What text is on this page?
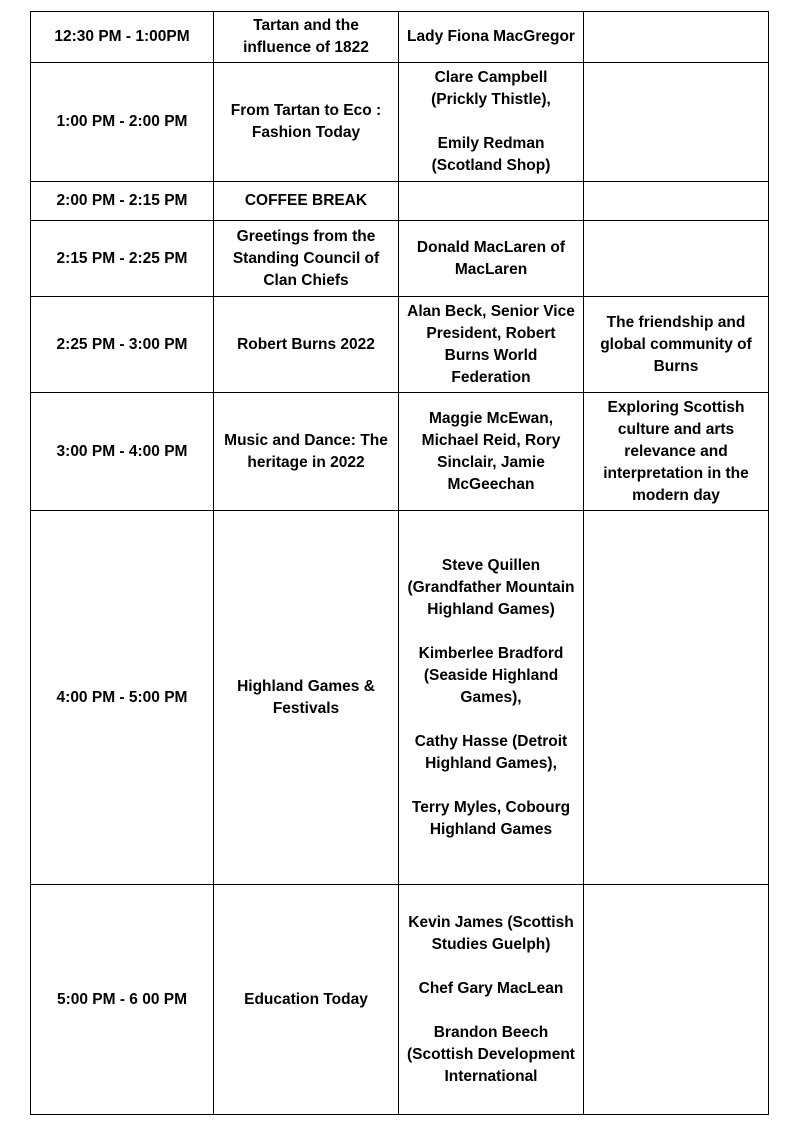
12:30 PM - 1:00PM	Tartan and the influence of 1822	Lady Fiona MacGregor	

1:00 PM - 2:00 PM	From Tartan to Eco : Fashion Today	Clare Campbell (Prickly Thistle),
Emily Redman (Scotland Shop)	

2:00 PM - 2:15 PM	COFFEE BREAK		
2:15 PM - 2:25 PM	Greetings from the Standing Council of Clan Chiefs	Donald MacLaren of MacLaren	

2:25 PM - 3:00 PM	Robert Burns 2022	Alan Beck, Senior Vice President, Robert Burns World Federation	The friendship and global community of Burns
3:00 PM - 4:00 PM	Music and Dance: The heritage in 2022	Maggie McEwan, Michael Reid, Rory Sinclair, Jamie McGeechan	Exploring Scottish culture and arts relevance and interpretation in the modern day
4:00 PM - 5:00 PM	Highland Games & Festivals	Steve Quillen (Grandfather Mountain Highland Games)
Kimberlee Bradford (Seaside Highland Games),
Cathy Hasse (Detroit Highland Games),
Terry Myles, Cobourg Highland Games	

5:00 PM - 6 00 PM	Education Today	Kevin James (Scottish Studies Guelph)
Chef Gary MacLean
Brandon Beech (Scottish Development International	
